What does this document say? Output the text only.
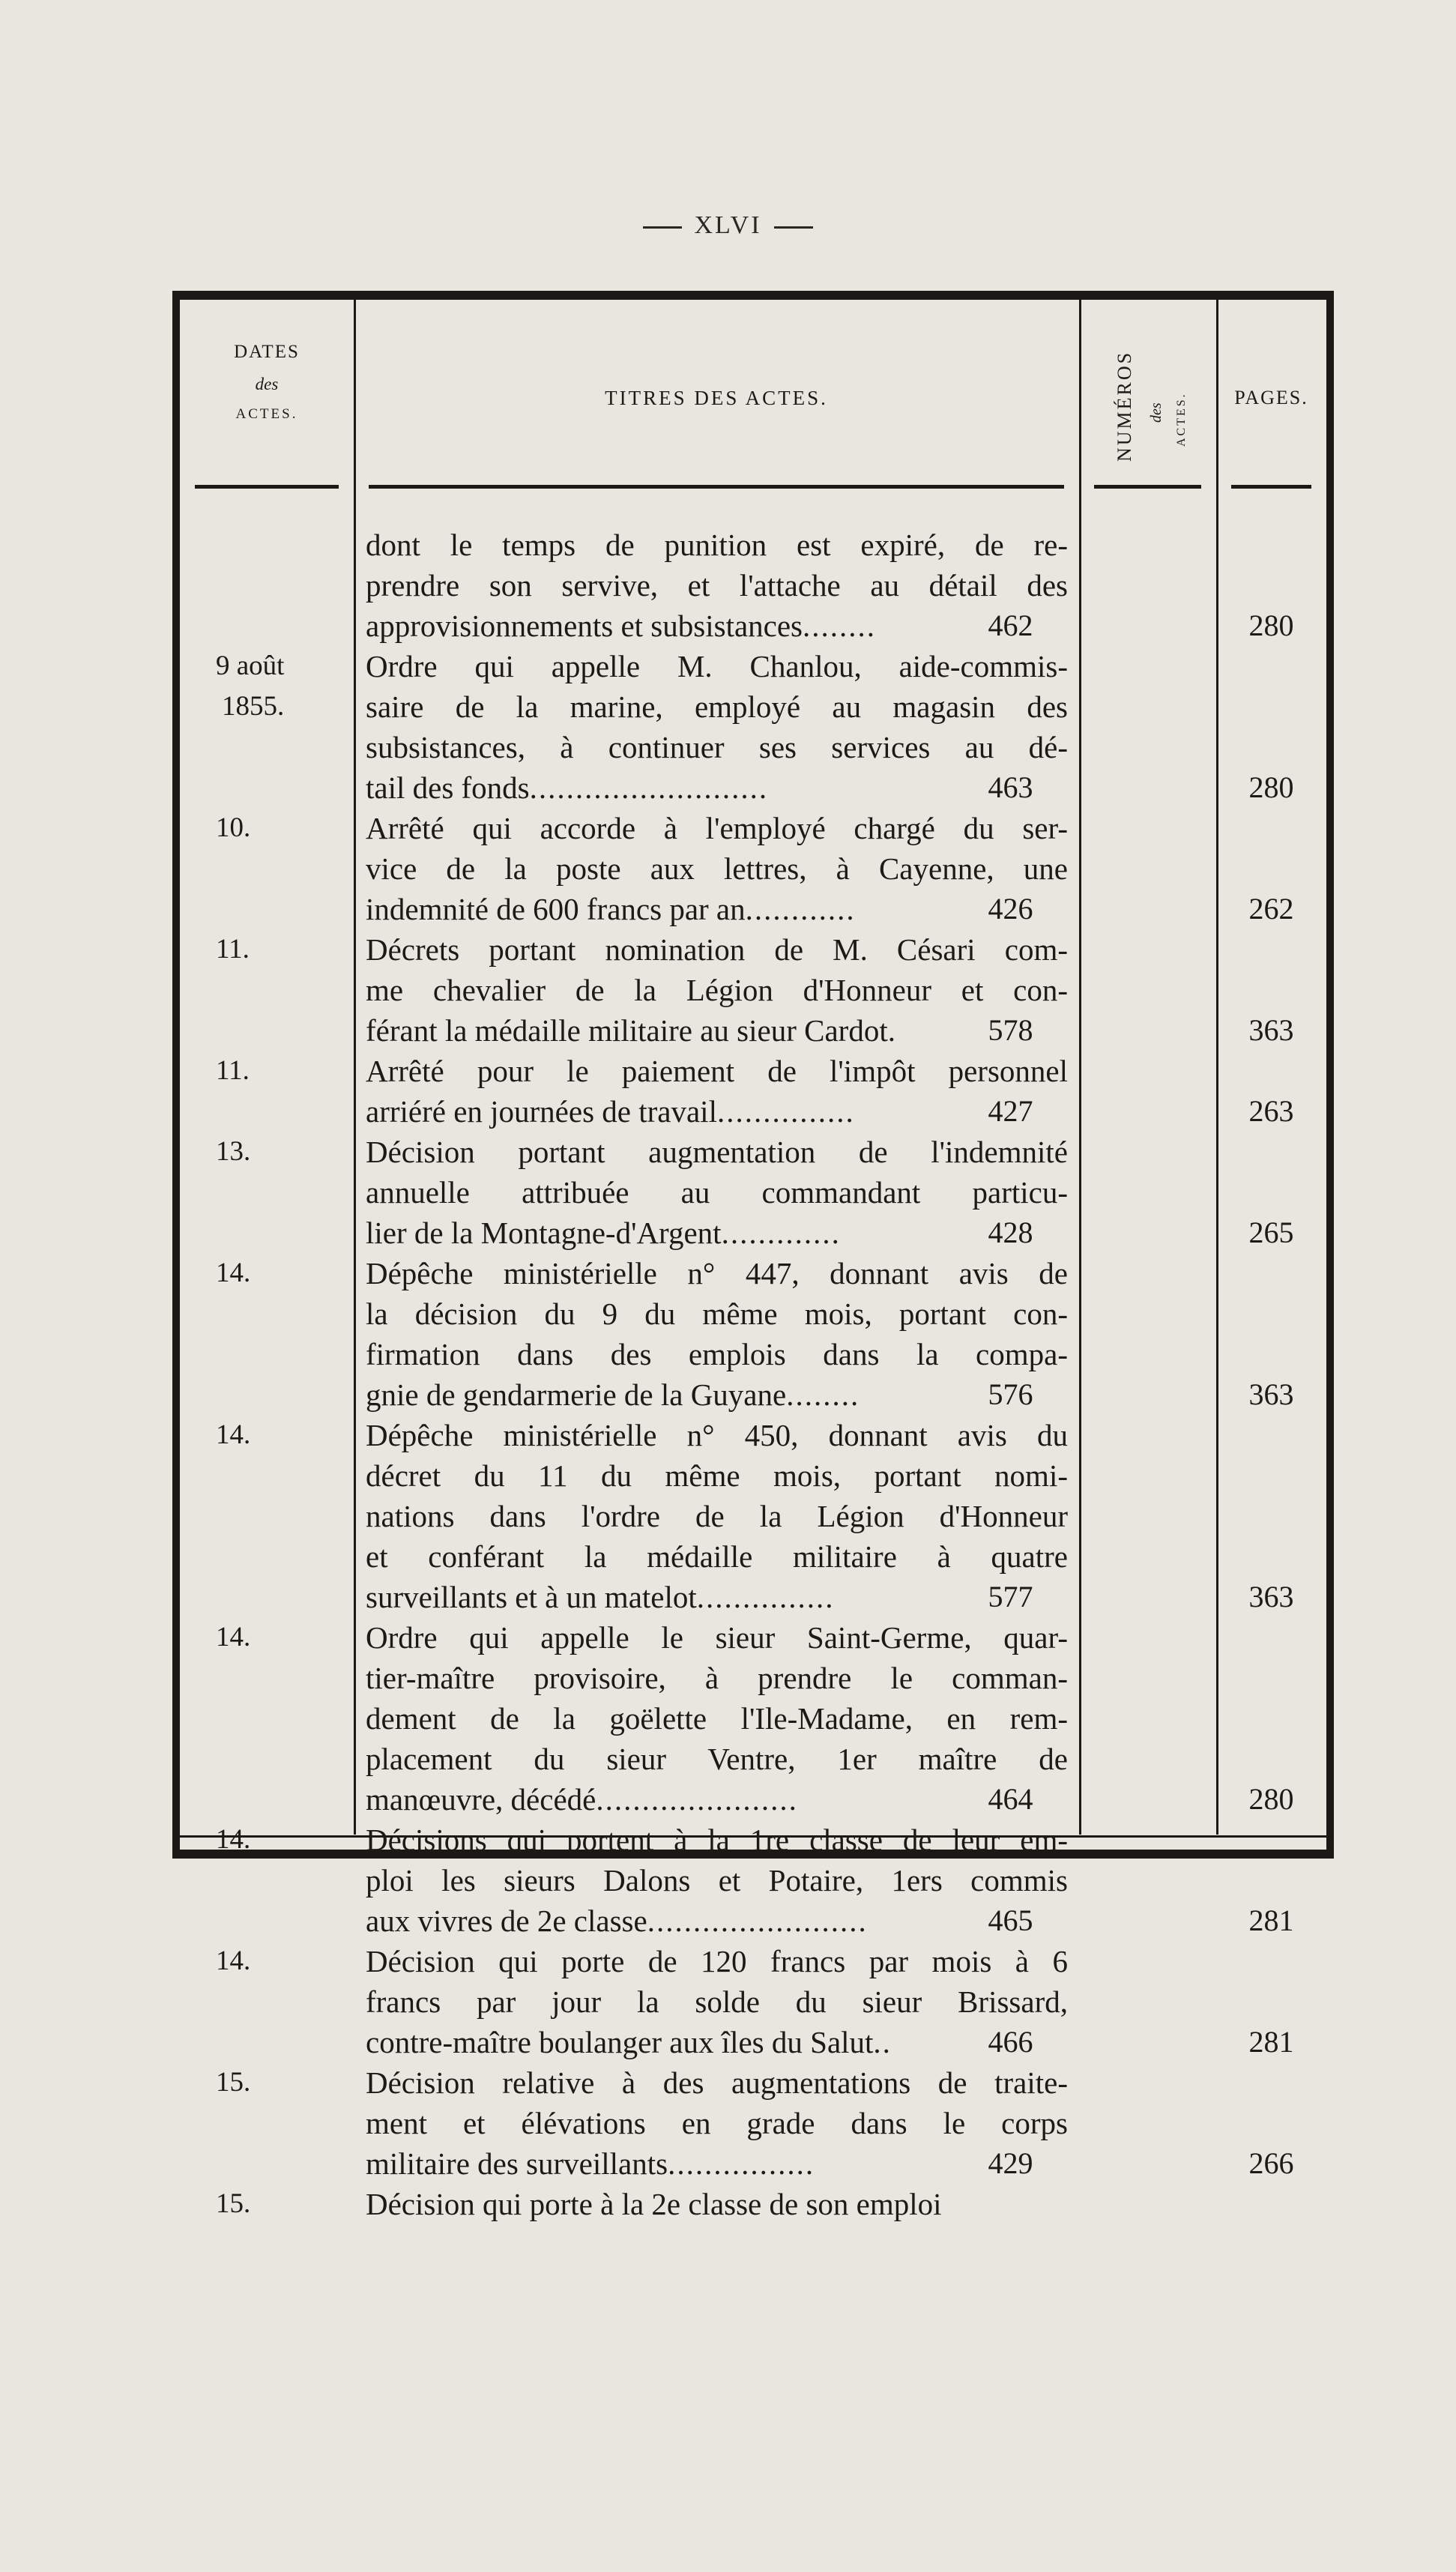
XLVI
DATES
des
ACTES.
TITRES DES ACTES.	NUMÉROS des ACTES.	PAGES.
dont le temps de punition est expiré, de re-
prendre son servive, et l'attache au détail des
approvisionnements et subsistances........	462	280
9 août
1855.
Ordre qui appelle M. Chanlou, aide-commis-
saire de la marine, employé au magasin des
subsistances, à continuer ses services au dé-
tail des fonds..........................	463	280
10.	Arrêté qui accorde à l'employé chargé du ser-
vice de la poste aux lettres, à Cayenne, une
indemnité de 600 francs par an............	426	262
11.	Décrets portant nomination de M. Césari com-
me chevalier de la Légion d'Honneur et con-
férant la médaille militaire au sieur Cardot.	578	363
11.	Arrêté pour le paiement de l'impôt personnel
arriéré en journées de travail...............	427	263
13.	Décision portant augmentation de l'indemnité
annuelle attribuée au commandant particu-
lier de la Montagne-d'Argent.............	428	265
14.	Dépêche ministérielle n° 447, donnant avis de
la décision du 9 du même mois, portant con-
firmation dans des emplois dans la compa-
gnie de gendarmerie de la Guyane........	576	363
14.	Dépêche ministérielle n° 450, donnant avis du
décret du 11 du même mois, portant nomi-
nations dans l'ordre de la Légion d'Honneur
et conférant la médaille militaire à quatre
surveillants et à un matelot...............	577	363
14.	Ordre qui appelle le sieur Saint-Germe, quar-
tier-maître provisoire, à prendre le comman-
dement de la goëlette l'Ile-Madame, en rem-
placement du sieur Ventre, 1er maître de
manœuvre, décédé......................	464	280
14.	Décisions qui portent à la 1re classe de leur em-
ploi les sieurs Dalons et Potaire, 1ers commis
aux vivres de 2e classe........................	465	281
14.	Décision qui porte de 120 francs par mois à 6
francs par jour la solde du sieur Brissard,
contre-maître boulanger aux îles du Salut..	466	281
15.	Décision relative à des augmentations de traite-
ment et élévations en grade dans le corps
militaire des surveillants................	429	266
15.	Décision qui porte à la 2e classe de son emploi
